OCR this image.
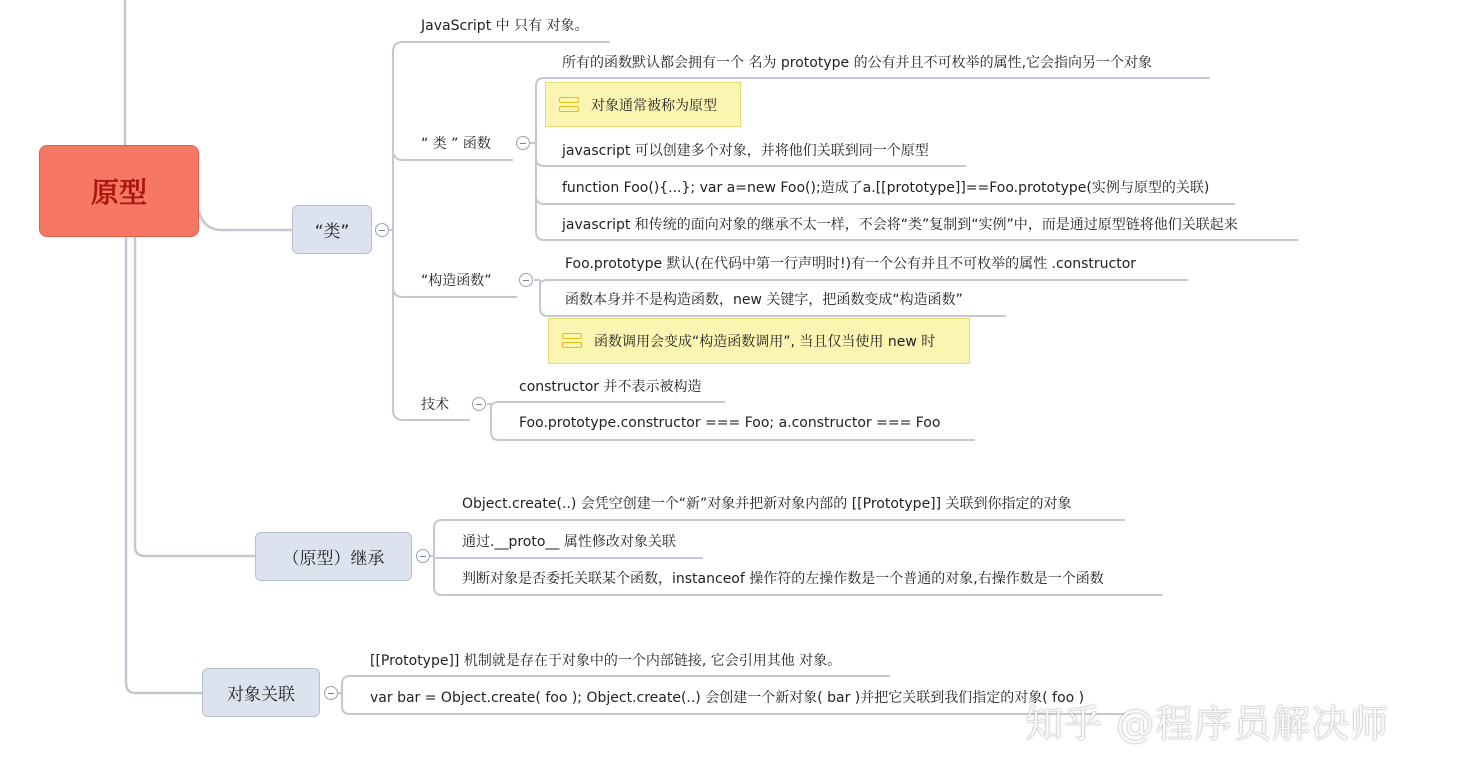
原型
“类”
JavaScript 中 只有 对象。
“ 类 ” 函数
所有的函数默认都会拥有一个 名为 prototype 的公有并且不可枚举的属性,它会指向另一个对象
对象通常被称为原型
javascript 可以创建多个对象，并将他们关联到同一个原型
function Foo(){...}; var a=new Foo();造成了a.[[prototype]]==Foo.prototype(实例与原型的关联)
javascript 和传统的面向对象的继承不太一样，不会将“类”复制到“实例”中，而是通过原型链将他们关联起来
“构造函数”
Foo.prototype 默认(在代码中第一行声明时!)有一个公有并且不可枚举的属性 .constructor
函数本身并不是构造函数，new 关键字，把函数变成“构造函数”
函数调用会变成“构造函数调用”, 当且仅当使用 new 时
技术
constructor 并不表示被构造
Foo.prototype.constructor === Foo; a.constructor === Foo
（原型）继承
Object.create(..) 会凭空创建一个“新”对象并把新对象内部的 [[Prototype]] 关联到你指定的对象
通过.__proto__ 属性修改对象关联
判断对象是否委托关联某个函数，instanceof 操作符的左操作数是一个普通的对象,右操作数是一个函数
对象关联
[[Prototype]] 机制就是存在于对象中的一个内部链接, 它会引用其他 对象。
var bar = Object.create( foo ); Object.create(..) 会创建一个新对象( bar )并把它关联到我们指定的对象( foo )
知乎 @程序员解决师
